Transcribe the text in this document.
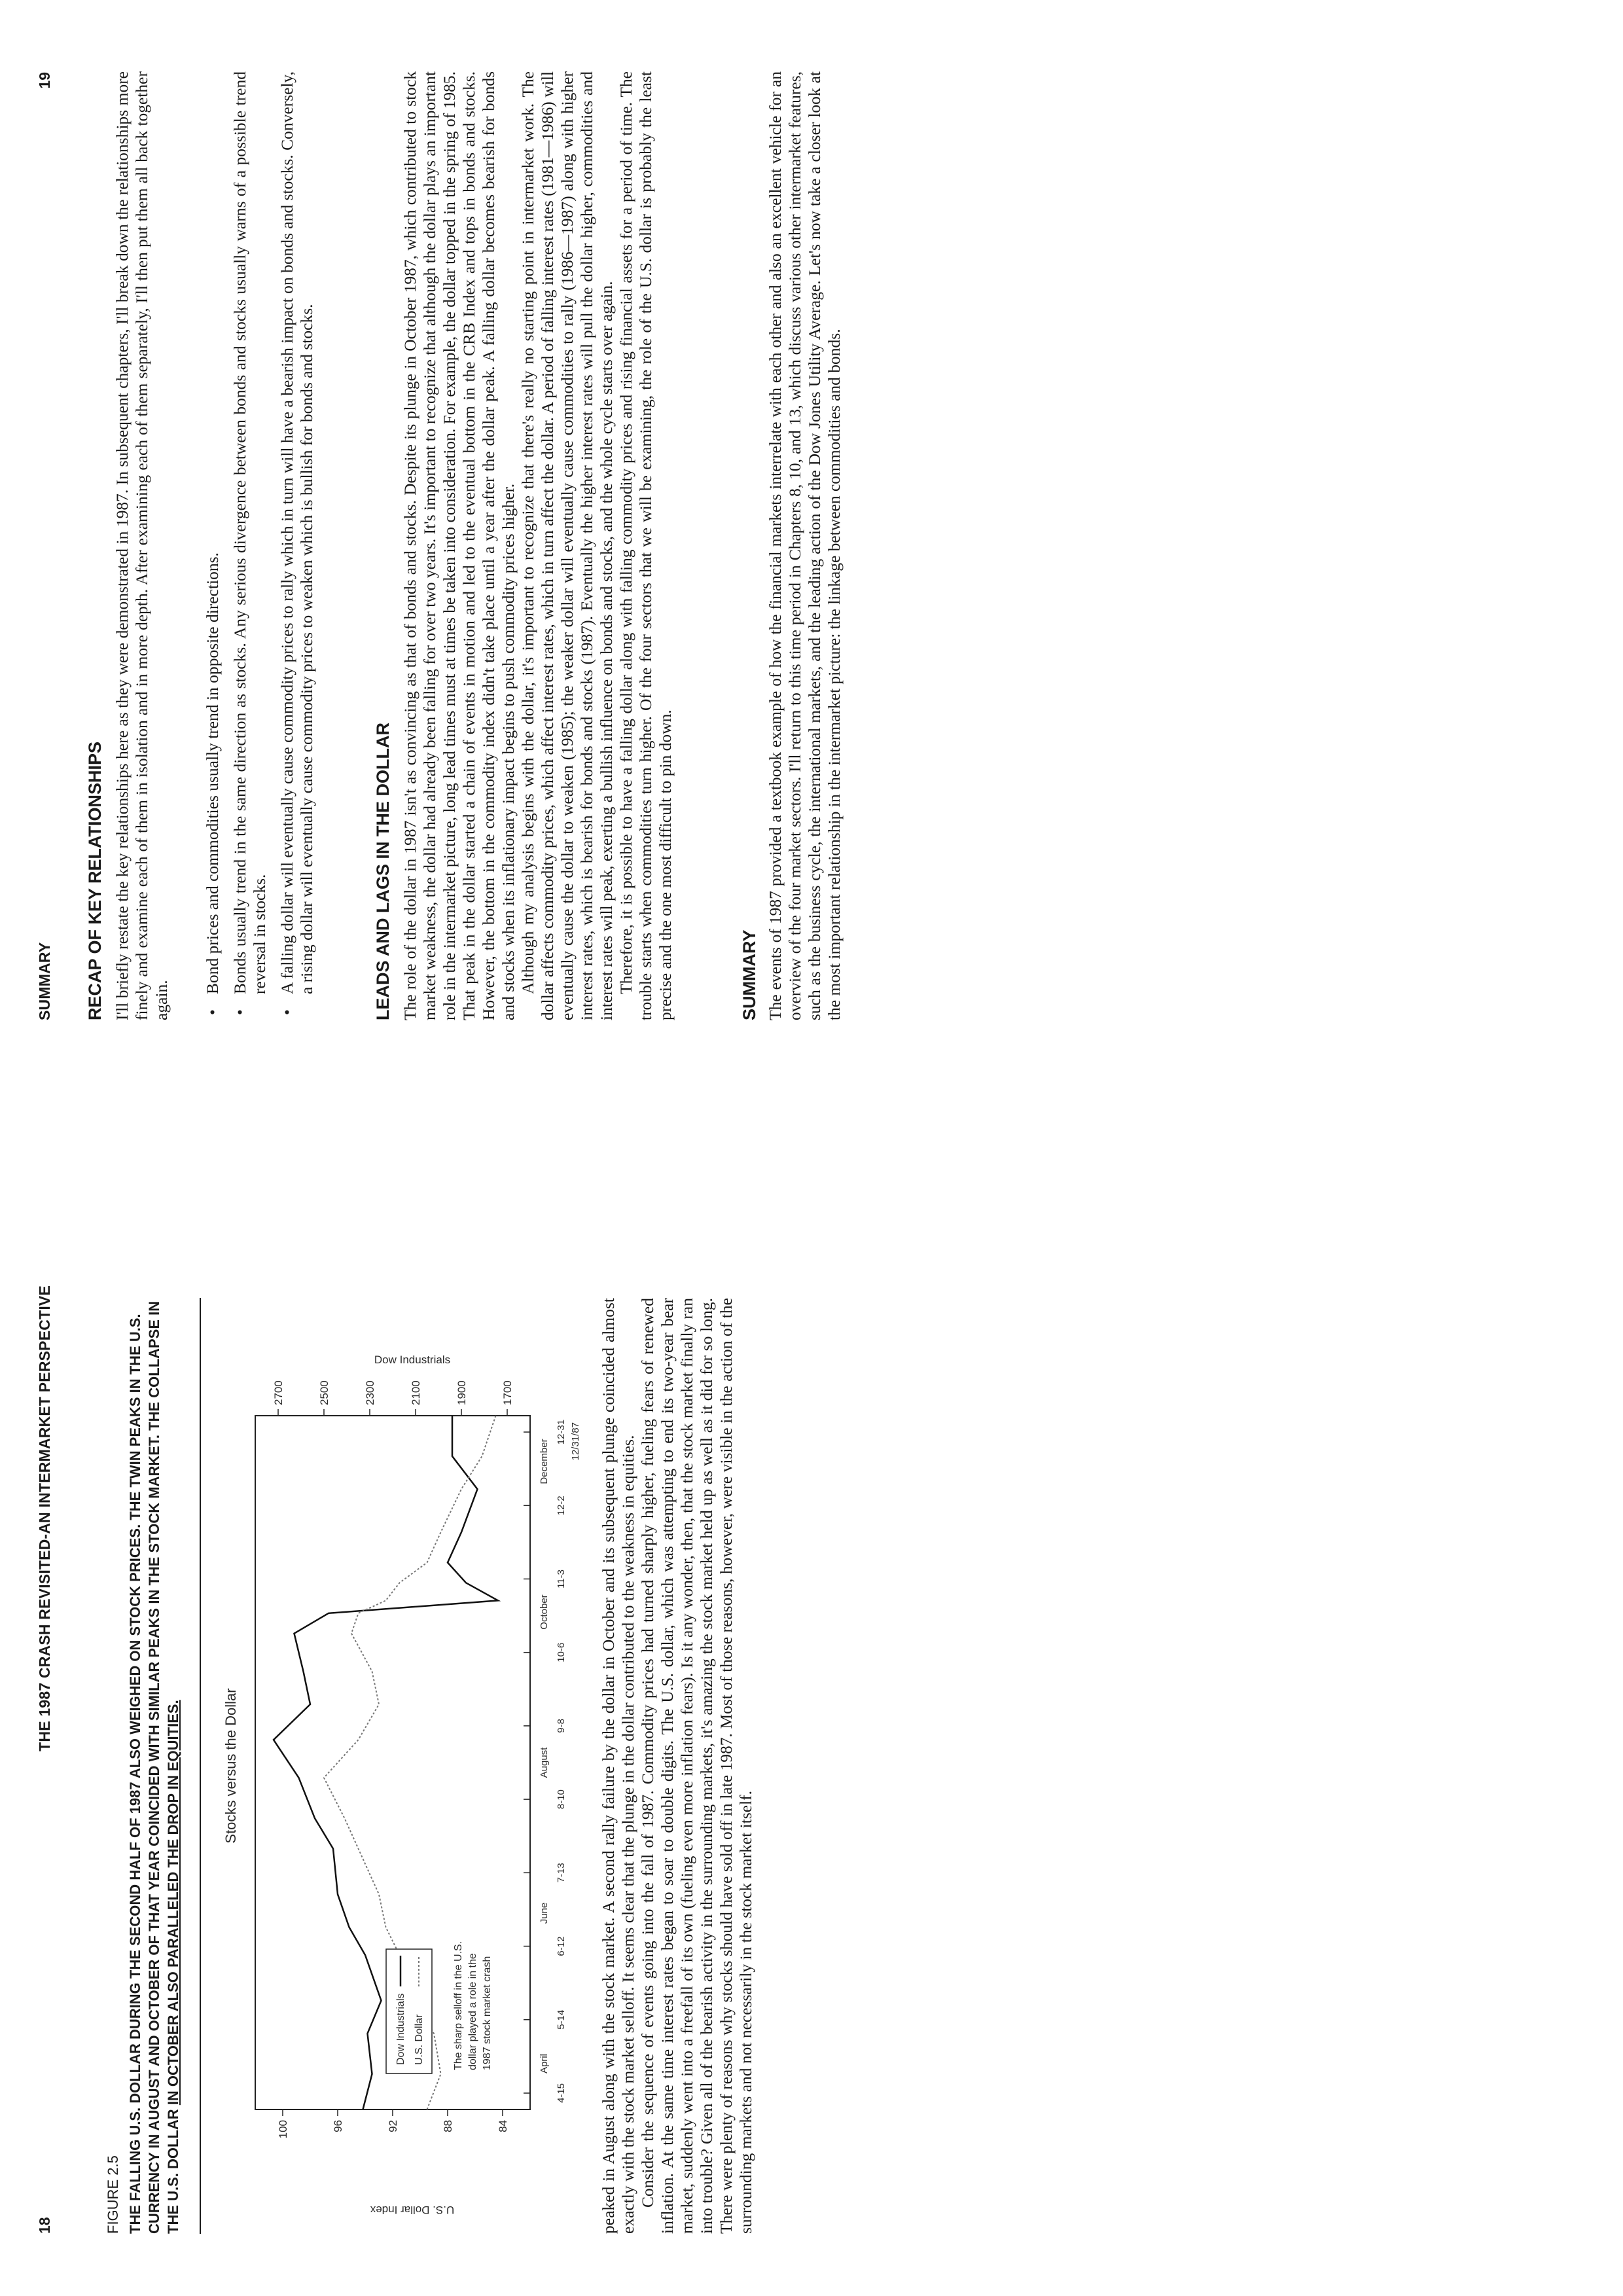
18
THE 1987 CRASH REVISITED-AN INTERMARKET PERSPECTIVE
FIGURE 2.5 THE FALLING U.S. DOLLAR DURING THE SECOND HALF OF 1987 ALSO WEIGHED ON STOCK PRICES. THE TWIN PEAKS IN THE U.S. CURRENCY IN AUGUST AND OCTOBER OF THAT YEAR COINCIDED WITH SIMILAR PEAKS IN THE STOCK MARKET. THE COLLAPSE IN THE U.S. DOLLAR IN OCTOBER ALSO PARALLELED THE DROP IN EQUITIES.	Stocks versus the Dollar
U.S. Dollar Index
Dow Industrials
100	96	92	88	84
2700	2500	2300	2100	1900	1700
4-15
5-14
6-12
7-13
8-10
9-8
10-6
11-3
12-2
12-31
April
June
August
October
December 12/31/87
Dow Industrials U.S. Dollar	The sharp selloff in the U.S. dollar played a role in the 1987 stock market crash	peaked in August along with the stock market. A second rally failure by the dollar in October and its subsequent plunge coincided almost exactly with the stock market selloff. It seems clear that the plunge in the dollar contributed to the weakness in equities. Consider the sequence of events going into the fall of 1987. Commodity prices had turned sharply higher, fueling fears of renewed inflation. At the same time interest rates began to soar to double digits. The U.S. dollar, which was attempting to end its two-year bear market, suddenly went into a freefall of its own (fueling even more inflation fears). Is it any wonder, then, that the stock market finally ran into trouble? Given all of the bearish activity in the surrounding markets, it's amazing the stock market held up as well as it did for so long. There were plenty of reasons why stocks should have sold off in late 1987. Most of those reasons, however, were visible in the action of the surrounding markets and not necessarily in the stock market itself.

SUMMARY
19
RECAP OF KEY RELATIONSHIPS I'll briefly restate the key relationships here as they were demonstrated in 1987. In subsequent chapters, I'll break down the relationships more finely and examine each of them in isolation and in more depth. After examining each of them separately, I'll then put them all back together again. •
Bond prices and commodities usually trend in opposite directions.
•
Bonds usually trend in the same direction as stocks. Any serious divergence between bonds and stocks usually warns of a possible trend reversal in stocks.
•
A falling dollar will eventually cause commodity prices to rally which in turn will have a bearish impact on bonds and stocks. Conversely, a rising dollar will eventually cause commodity prices to weaken which is bullish for bonds and stocks.	LEADS AND LAGS IN THE DOLLAR The role of the dollar in 1987 isn't as convincing as that of bonds and stocks. Despite its plunge in October 1987, which contributed to stock market weakness, the dollar had already been falling for over two years. It's important to recognize that although the dollar plays an important role in the intermarket picture, long lead times must at times be taken into consideration. For example, the dollar topped in the spring of 1985. That peak in the dollar started a chain of events in motion and led to the eventual bottom in the CRB Index and tops in bonds and stocks. However, the bottom in the commodity index didn't take place until a year after the dollar peak. A falling dollar becomes bearish for bonds and stocks when its inflationary impact begins to push commodity prices higher. Although my analysis begins with the dollar, it's important to recognize that there's really no starting point in intermarket work. The dollar affects commodity prices, which affect interest rates, which in turn affect the dollar. A period of falling interest rates (1981—1986) will eventually cause the dollar to weaken (1985); the weaker dollar will eventually cause commodities to rally (1986—1987) along with higher interest rates, which is bearish for bonds and stocks (1987). Eventually the higher interest rates will pull the dollar higher, commodities and interest rates will peak, exerting a bullish influence on bonds and stocks, and the whole cycle starts over again. Therefore, it is possible to have a falling dollar along with falling commodity prices and rising financial assets for a period of time. The trouble starts when commodities turn higher. Of the four sectors that we will be examining, the role of the U.S. dollar is probably the least precise and the one most difficult to pin down.	SUMMARY The events of 1987 provided a textbook example of how the financial markets interrelate with each other and also an excellent vehicle for an overview of the four market sectors. I'll return to this time period in Chapters 8, 10, and 13, which discuss various other intermarket features, such as the business cycle, the international markets, and the leading action of the Dow Jones Utility Average. Let's now take a closer look at the most important relationship in the intermarket picture: the linkage between commodities and bonds.
